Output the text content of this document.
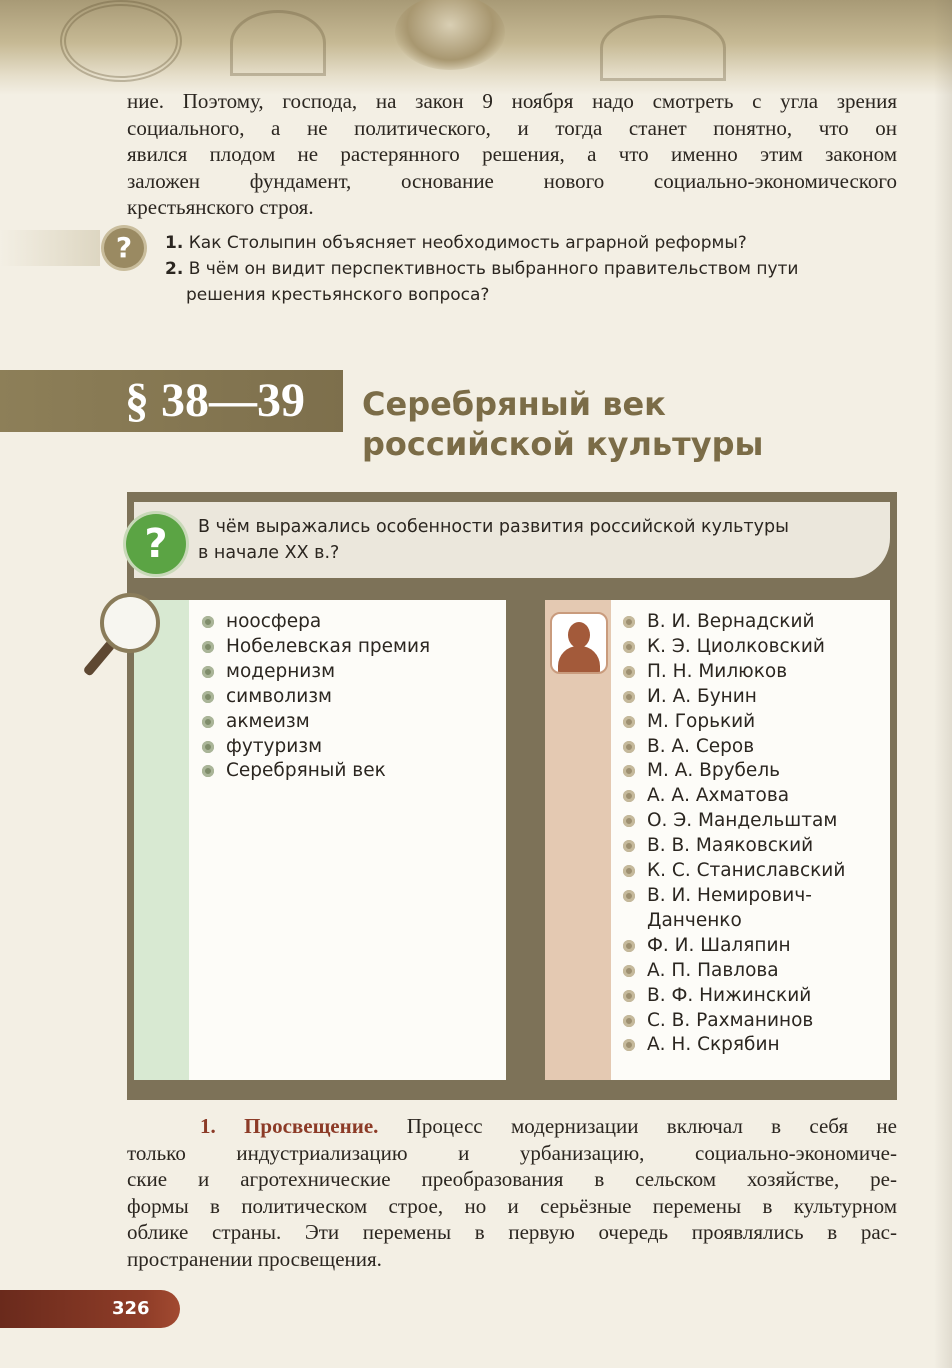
ние. Поэтому, господа, на закон 9 ноября надо смотреть с угла зрения

социального, а не политического, и тогда станет понятно, что он

явился плодом не растерянного решения, а что именно этим законом

заложен фундамент, основание нового социально-экономического

крестьянского строя.

?	1. Как Столыпин объясняет необходимость аграрной реформы?
2. В чём он видит перспективность выбранного правительством пути
решения крестьянского вопроса?
§ 38—39	Серебряный век
российской культуры
?	В чём выражались особенности развития российской культуры
в начале XX в.?
ноосфера
Нобелевская премия
модернизм
символизм
акмеизм
футуризм
Серебряный век
В. И. Вернадский
К. Э. Циолковский
П. Н. Милюков
И. А. Бунин
М. Горький
В. А. Серов
М. А. Врубель
А. А. Ахматова
О. Э. Мандельштам
В. В. Маяковский
К. С. Станиславский
В. И. Немирович-
Данченко
Ф. И. Шаляпин
А. П. Павлова
В. Ф. Нижинский
С. В. Рахманинов
А. Н. Скрябин

1. Просвещение. Процесс модернизации включал в себя не

только индустриализацию и урбанизацию, социально-экономиче-

ские и агротехнические преобразования в сельском хозяйстве, ре-

формы в политическом строе, но и серьёзные перемены в культурном

облике страны. Эти перемены в первую очередь проявлялись в рас-

пространении просвещения.

326
